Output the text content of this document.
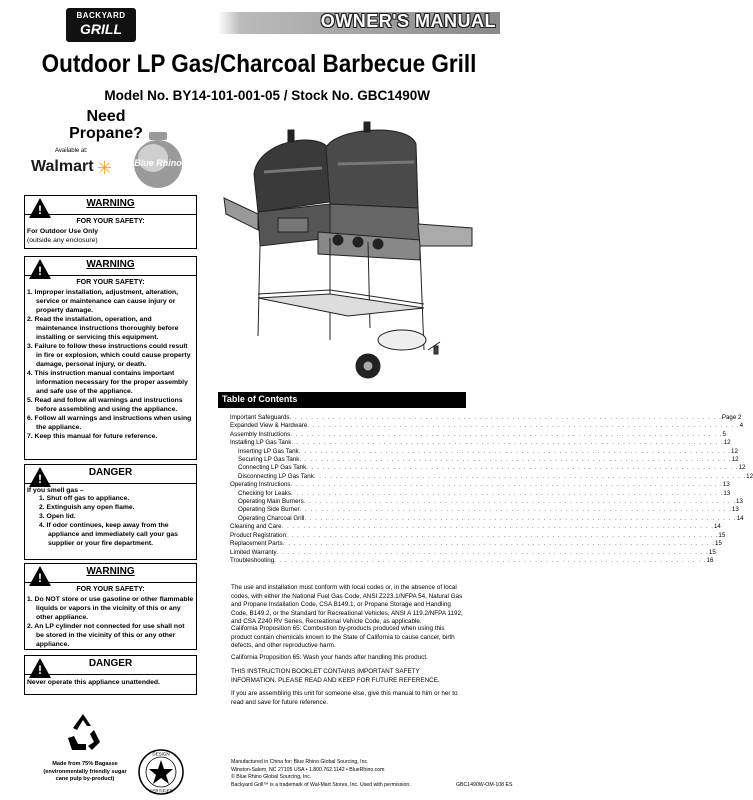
BACKYARD
GRILL	OWNER'S MANUAL
Outdoor LP Gas/Charcoal Barbecue Grill
Model No. BY14-101-001-05 / Stock No. GBC1490W
Need
Propane?
Available at:
Walmart ✳ Blue Rhino
!
WARNING
FOR YOUR SAFETY:
For Outdoor Use Only
(outside any enclosure)
!
WARNING
FOR YOUR SAFETY:
1. Improper installation, adjustment, alteration, service or maintenance can cause injury or property damage.
2. Read the installation, operation, and maintenance instructions thoroughly before installing or servicing this equipment.
3. Failure to follow these instructions could result in fire or explosion, which could cause property damage, personal injury, or death.
4. This instruction manual contains important information necessary for the proper assembly and safe use of the appliance.
5. Read and follow all warnings and instructions before assembling and using the appliance.
6. Follow all warnings and instructions when using the appliance.
7. Keep this manual for future reference.
!
DANGER
If you smell gas –
1. Shut off gas to appliance.
2. Extinguish any open flame.
3. Open lid.
4. If odor continues, keep away from the appliance and immediately call your gas supplier or your fire department.
!
WARNING
FOR YOUR SAFETY:
1. Do NOT store or use gasoline or other flammable liquids or vapors in the vicinity of this or any other appliance.
2. An LP cylinder not connected for use shall not be stored in the vicinity of this or any other appliance.
!
DANGER
Never operate this appliance unattended.
Table of Contents
Important Safeguards . . . . . . . . . . . . . . . . . . . . . . . . . . . . . . . . . . . . . . . . . . . . . . . . . . . . . . . . . . . . . . . . . . . . . . . . . . . . . . . . Page 2
Expanded View & Hardware . . . . . . . . . . . . . . . . . . . . . . . . . . . . . . . . . . . . . . . . . . . . . . . . . . . . . . . . . . . . . . . . . . . . . . . . . . . . . . . . 4
Assembly Instructions . . . . . . . . . . . . . . . . . . . . . . . . . . . . . . . . . . . . . . . . . . . . . . . . . . . . . . . . . . . . . . . . . . . . . . . . . . . . . . . . 5
Installing LP Gas Tank . . . . . . . . . . . . . . . . . . . . . . . . . . . . . . . . . . . . . . . . . . . . . . . . . . . . . . . . . . . . . . . . . . . . . . . . . . . . . . . . 12
Inserting LP Gas Tank . . . . . . . . . . . . . . . . . . . . . . . . . . . . . . . . . . . . . . . . . . . . . . . . . . . . . . . . . . . . . . . . . . . . . . . . . . . . . . . . 12
Securing LP Gas Tank . . . . . . . . . . . . . . . . . . . . . . . . . . . . . . . . . . . . . . . . . . . . . . . . . . . . . . . . . . . . . . . . . . . . . . . . . . . . . . . . 12
Connecting LP Gas Tank . . . . . . . . . . . . . . . . . . . . . . . . . . . . . . . . . . . . . . . . . . . . . . . . . . . . . . . . . . . . . . . . . . . . . . . . . . . . . . . . 12
Disconnecting LP Gas Tank . . . . . . . . . . . . . . . . . . . . . . . . . . . . . . . . . . . . . . . . . . . . . . . . . . . . . . . . . . . . . . . . . . . . . . . . . . . . . . . . 12
Operating Instructions . . . . . . . . . . . . . . . . . . . . . . . . . . . . . . . . . . . . . . . . . . . . . . . . . . . . . . . . . . . . . . . . . . . . . . . . . . . . . . . . 13
Checking for Leaks . . . . . . . . . . . . . . . . . . . . . . . . . . . . . . . . . . . . . . . . . . . . . . . . . . . . . . . . . . . . . . . . . . . . . . . . . . . . . . . . 13
Operating Main Burners . . . . . . . . . . . . . . . . . . . . . . . . . . . . . . . . . . . . . . . . . . . . . . . . . . . . . . . . . . . . . . . . . . . . . . . . . . . . . . . . 13
Operating Side Burner . . . . . . . . . . . . . . . . . . . . . . . . . . . . . . . . . . . . . . . . . . . . . . . . . . . . . . . . . . . . . . . . . . . . . . . . . . . . . . . . 13
Operating Charcoal Grill . . . . . . . . . . . . . . . . . . . . . . . . . . . . . . . . . . . . . . . . . . . . . . . . . . . . . . . . . . . . . . . . . . . . . . . . . . . . . . . . 14
Cleaning and Care . . . . . . . . . . . . . . . . . . . . . . . . . . . . . . . . . . . . . . . . . . . . . . . . . . . . . . . . . . . . . . . . . . . . . . . . . . . . . . . . 14
Product Registration . . . . . . . . . . . . . . . . . . . . . . . . . . . . . . . . . . . . . . . . . . . . . . . . . . . . . . . . . . . . . . . . . . . . . . . . . . . . . . . . 15
Replacement Parts . . . . . . . . . . . . . . . . . . . . . . . . . . . . . . . . . . . . . . . . . . . . . . . . . . . . . . . . . . . . . . . . . . . . . . . . . . . . . . . . 15
Limited Warranty . . . . . . . . . . . . . . . . . . . . . . . . . . . . . . . . . . . . . . . . . . . . . . . . . . . . . . . . . . . . . . . . . . . . . . . . . . . . . . . . 15
Troubleshooting . . . . . . . . . . . . . . . . . . . . . . . . . . . . . . . . . . . . . . . . . . . . . . . . . . . . . . . . . . . . . . . . . . . . . . . . . . . . . . . . 16
The use and installation must conform with local codes or, in the absence of local codes, with either the National Fuel Gas Code, ANSI Z223.1/NFPA 54, Natural Gas and Propane Installation Code, CSA B149.1, or Propane Storage and Handling Code, B149.2, or the Standard for Recreational Vehicles, ANSI A 119.2/NFPA 1192, and CSA Z240 RV Series, Recreational Vehicle Code, as applicable.
California Proposition 65: Combustion by-products produced when using this product contain chemicals known to the State of California to cause cancer, birth defects, and other reproductive harm.
California Proposition 65: Wash your hands after handling this product.
THIS INSTRUCTION BOOKLET CONTAINS IMPORTANT SAFETY INFORMATION. PLEASE READ AND KEEP FOR FUTURE REFERENCE.
If you are assembling this unit for someone else, give this manual to him or her to read and save for future reference.
Made from 75% Bagasse
(environmentally friendly sugar
cane pulp by-product)
DESIGN
CERTIFIED
Manufactured in China for: Blue Rhino Global Sourcing, Inc.
Winston-Salem, NC 27105 USA • 1.800.762.1142 • BlueRhino.com
© Blue Rhino Global Sourcing, Inc.
Backyard Grill™ is a trademark of Wal-Mart Stores, Inc. Used with permission.	GBC1490W-OM-108 ES
